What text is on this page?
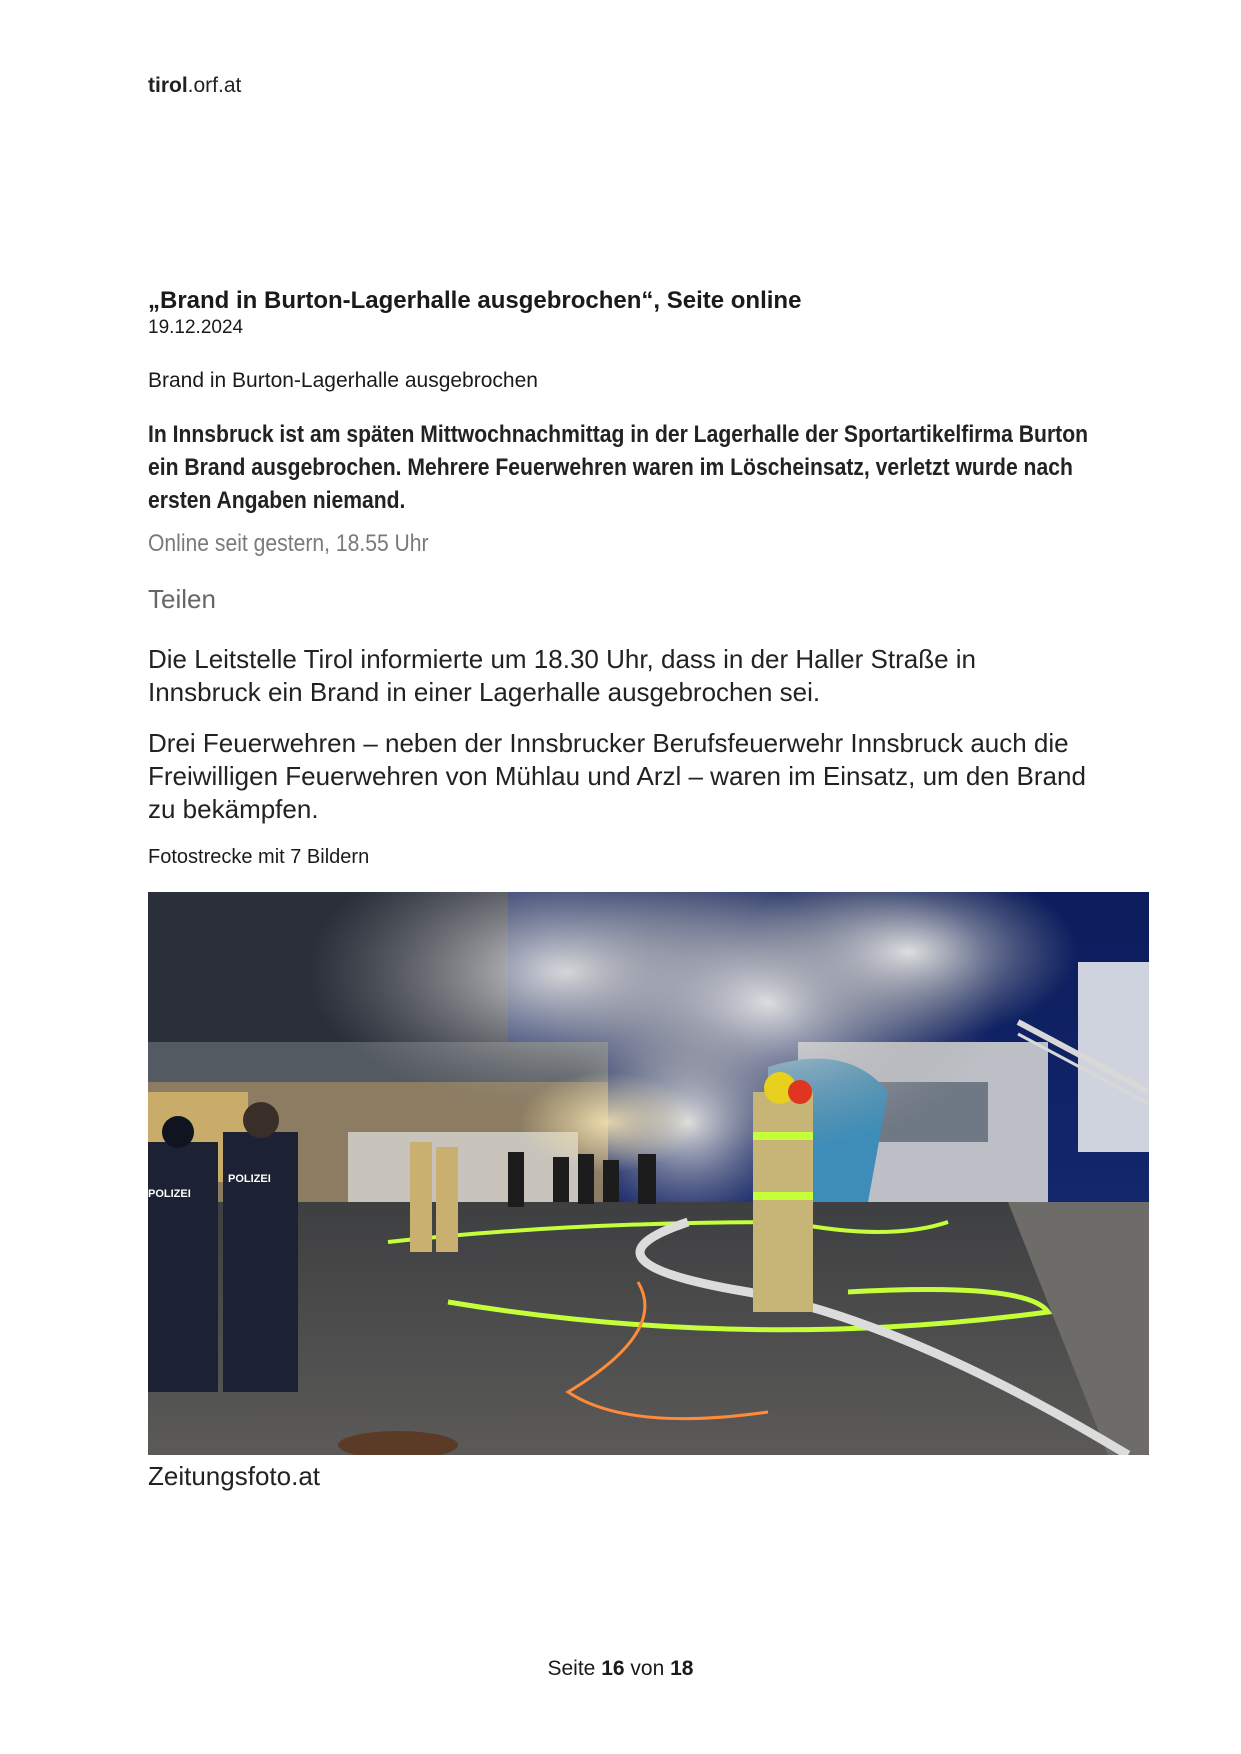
tirol.orf.at
„Brand in Burton-Lagerhalle ausgebrochen“, Seite online

19.12.2024

Brand in Burton-Lagerhalle ausgebrochen

In Innsbruck ist am späten Mittwochnachmittag in der Lagerhalle der Sportartikelfirma Burton ein Brand ausgebrochen. Mehrere Feuerwehren waren im Löscheinsatz, verletzt wurde nach ersten Angaben niemand.

Online seit gestern, 18.55 Uhr

Teilen

Die Leitstelle Tirol informierte um 18.30 Uhr, dass in der Haller Straße in Innsbruck ein Brand in einer Lagerhalle ausgebrochen sei.

Drei Feuerwehren – neben der Innsbrucker Berufsfeuerwehr Innsbruck auch die Freiwilligen Feuerwehren von Mühlau und Arzl – waren im Einsatz, um den Brand zu bekämpfen.

Fotostrecke mit 7 Bildern

POLIZEI
POLIZEI
Zeitungsfoto.at
Seite 16 von 18
